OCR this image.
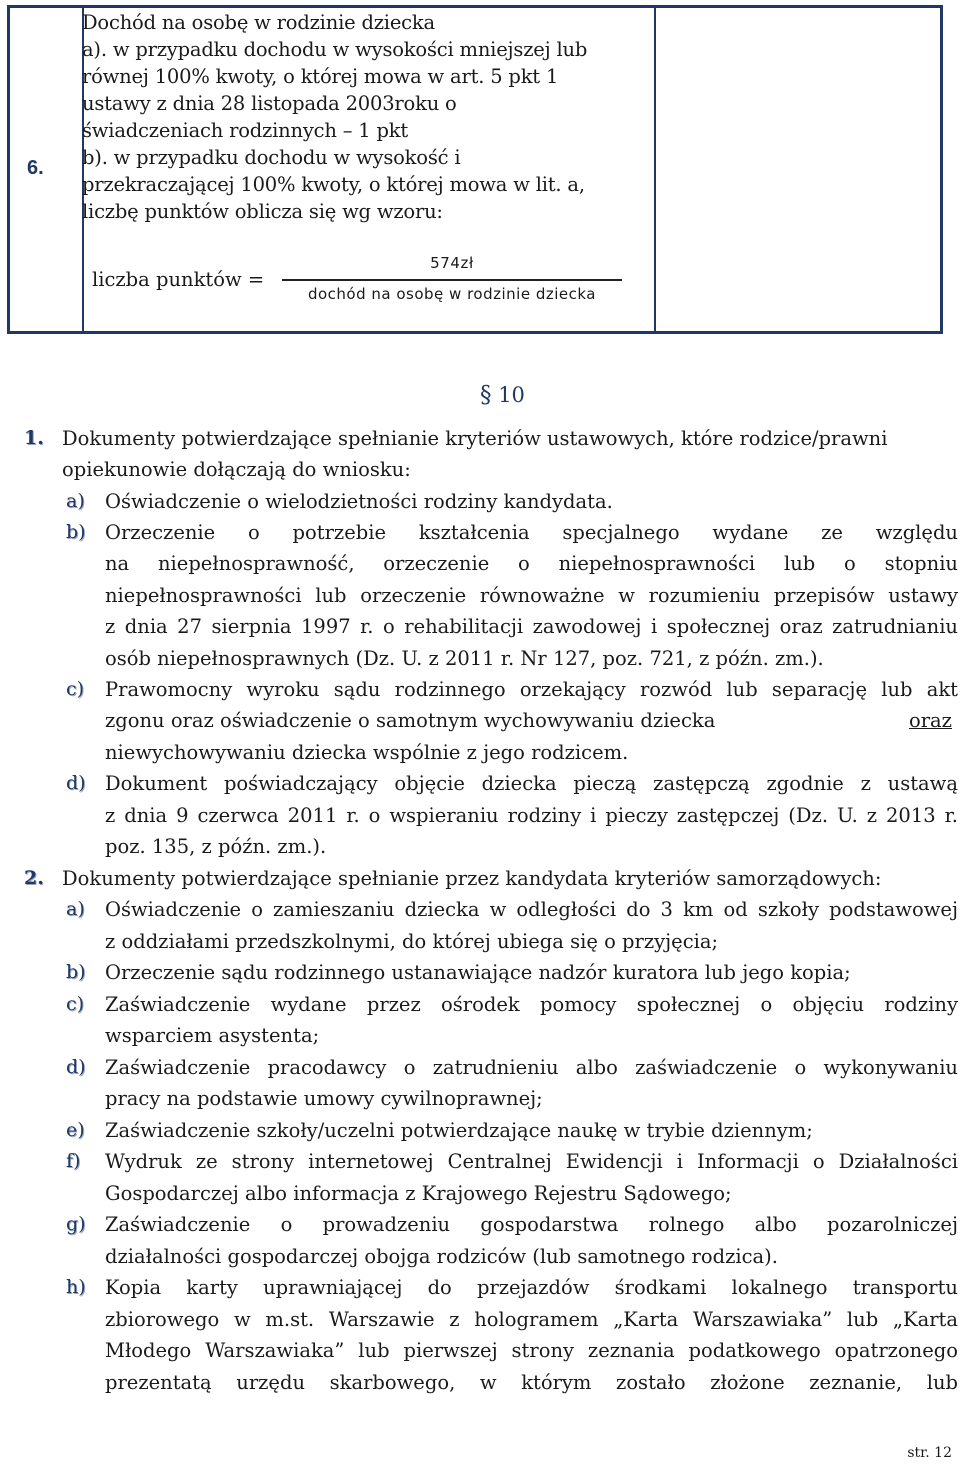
6.
Dochód na osobę w rodzinie dziecka
a). w przypadku dochodu w wysokości mniejszej lub
równej 100% kwoty, o której mowa w art. 5 pkt 1
ustawy z dnia 28 listopada 2003roku o
świadczeniach rodzinnych – 1 pkt
b). w przypadku dochodu w wysokość i
przekraczającej 100% kwoty, o której mowa w lit. a,
liczbę punktów oblicza się wg wzoru:
liczba punktów =
574zł
dochód na osobę w rodzinie dziecka
§ 10
1. Dokumenty potwierdzające spełnianie kryteriów ustawowych, które rodzice/prawni
opiekunowie dołączają do wniosku:
a) Oświadczenie o wielodzietności rodziny kandydata.
b) Orzeczenie o potrzebie kształcenia specjalnego wydane ze względu
na niepełnosprawność, orzeczenie o niepełnosprawności lub o stopniu
niepełnosprawności lub orzeczenie równoważne w rozumieniu przepisów ustawy
z dnia 27 sierpnia 1997 r. o rehabilitacji zawodowej i społecznej oraz zatrudnianiu
osób niepełnosprawnych (Dz. U. z 2011 r. Nr 127, poz. 721, z późn. zm.).
c) Prawomocny wyroku sądu rodzinnego orzekający rozwód lub separację lub akt
zgonu oraz oświadczenie o samotnym wychowywaniu dziecka	oraz
niewychowywaniu dziecka wspólnie z jego rodzicem.
d) Dokument poświadczający objęcie dziecka pieczą zastępczą zgodnie z ustawą
z dnia 9 czerwca 2011 r. o wspieraniu rodziny i pieczy zastępczej (Dz. U. z 2013 r.
poz. 135, z późn. zm.).
2. Dokumenty potwierdzające spełnianie przez kandydata kryteriów samorządowych:
a) Oświadczenie o zamieszaniu dziecka w odległości do 3 km od szkoły podstawowej
z oddziałami przedszkolnymi, do której ubiega się o przyjęcia;
b) Orzeczenie sądu rodzinnego ustanawiające nadzór kuratora lub jego kopia;
c) Zaświadczenie wydane przez ośrodek pomocy społecznej o objęciu rodziny
wsparciem asystenta;
d) Zaświadczenie pracodawcy o zatrudnieniu albo zaświadczenie o wykonywaniu
pracy na podstawie umowy cywilnoprawnej;
e) Zaświadczenie szkoły/uczelni potwierdzające naukę w trybie dziennym;
f) Wydruk ze strony internetowej Centralnej Ewidencji i Informacji o Działalności
Gospodarczej albo informacja z Krajowego Rejestru Sądowego;
g) Zaświadczenie o prowadzeniu gospodarstwa rolnego albo pozarolniczej
działalności gospodarczej obojga rodziców (lub samotnego rodzica).
h) Kopia karty uprawniającej do przejazdów środkami lokalnego transportu
zbiorowego w m.st. Warszawie z hologramem „Karta Warszawiaka” lub „Karta
Młodego Warszawiaka” lub pierwszej strony zeznania podatkowego opatrzonego
prezentatą urzędu skarbowego, w którym zostało złożone zeznanie, lub
str. 12
